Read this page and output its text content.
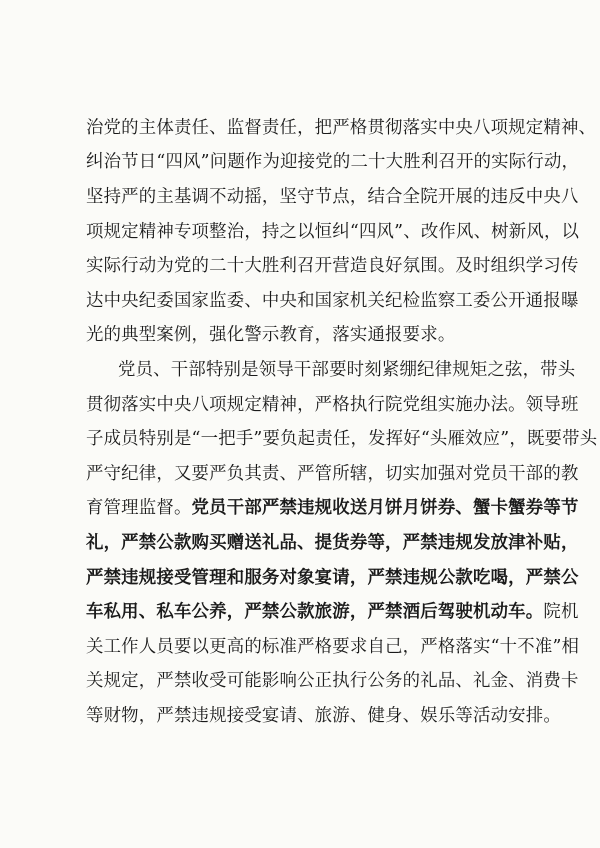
治党的主体责任、监督责任，把严格贯彻落实中央八项规定精神、
纠治节日“四风”问题作为迎接党的二十大胜利召开的实际行动，
坚持严的主基调不动摇，坚守节点，结合全院开展的违反中央八
项规定精神专项整治，持之以恒纠“四风”、改作风、树新风，以
实际行动为党的二十大胜利召开营造良好氛围。及时组织学习传
达中央纪委国家监委、中央和国家机关纪检监察工委公开通报曝
光的典型案例，强化警示教育，落实通报要求。
党员、干部特别是领导干部要时刻紧绷纪律规矩之弦，带头
贯彻落实中央八项规定精神，严格执行院党组实施办法。领导班
子成员特别是“一把手”要负起责任，发挥好“头雁效应”，既要带头
严守纪律，又要严负其责、严管所辖，切实加强对党员干部的教
育管理监督。党员干部严禁违规收送月饼月饼券、蟹卡蟹券等节
礼，严禁公款购买赠送礼品、提货券等，严禁违规发放津补贴，
严禁违规接受管理和服务对象宴请，严禁违规公款吃喝，严禁公
车私用、私车公养，严禁公款旅游，严禁酒后驾驶机动车。院机
关工作人员要以更高的标准严格要求自己，严格落实“十不准”相
关规定，严禁收受可能影响公正执行公务的礼品、礼金、消费卡
等财物，严禁违规接受宴请、旅游、健身、娱乐等活动安排。
